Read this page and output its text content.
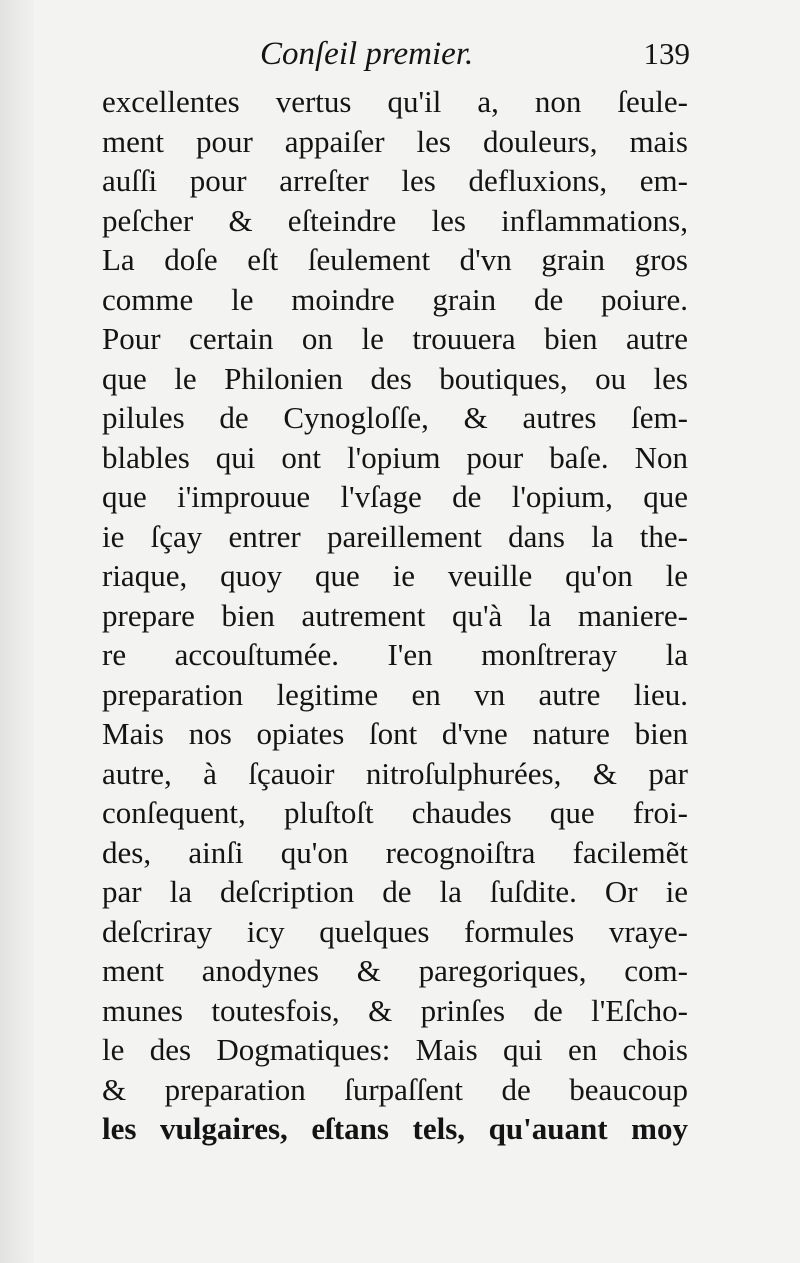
Conſeil premier.	139
excellentes vertus qu'il a, non ſeule-
ment pour appaiſer les douleurs, mais
auſſi pour arreſter les defluxions, em-
peſcher & eſteindre les inflammations,
La doſe eſt ſeulement d'vn grain gros
comme le moindre grain de poiure.
Pour certain on le trouuera bien autre
que le Philonien des boutiques, ou les
pilules de Cynogloſſe, & autres ſem-
blables qui ont l'opium pour baſe. Non
que i'improuue l'vſage de l'opium, que
ie ſçay entrer pareillement dans la the-
riaque, quoy que ie veuille qu'on le
prepare bien autrement qu'à la maniere-
re accouſtumée. I'en monſtreray la
preparation legitime en vn autre lieu.
Mais nos opiates ſont d'vne nature bien
autre, à ſçauoir nitroſulphurées, & par
conſequent, pluſtoſt chaudes que froi-
des, ainſi qu'on recognoiſtra facilemẽt
par la deſcription de la ſuſdite. Or ie
deſcriray icy quelques formules vraye-
ment anodynes & paregoriques, com-
munes toutesfois, & prinſes de l'Eſcho-
le des Dogmatiques: Mais qui en chois
& preparation ſurpaſſent de beaucoup
les vulgaires, eſtans tels, qu'auant moy
